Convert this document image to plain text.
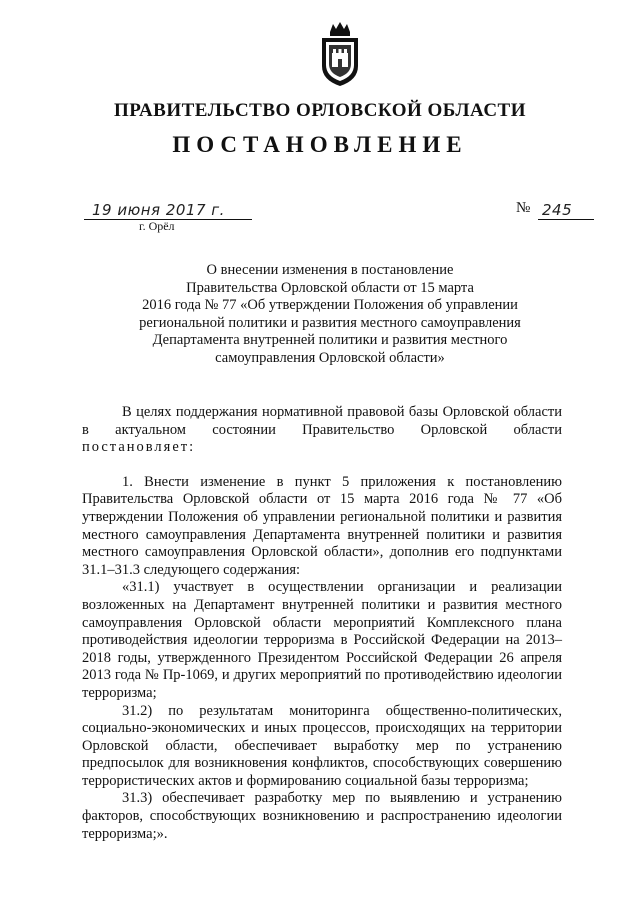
ПРАВИТЕЛЬСТВО ОРЛОВСКОЙ ОБЛАСТИ
ПОСТАНОВЛЕНИЕ
19 июня 2017 г.
г. Орёл
№ 245
О внесении изменения в постановление
Правительства Орловской области от 15 марта
2016 года № 77 «Об утверждении Положения об управлении
региональной политики и развития местного самоуправления
Департамента внутренней политики и развития местного
самоуправления Орловской области»

В целях поддержания нормативной правовой базы Орловской области в актуальном состоянии Правительство Орловской области постановляет:

1. Внести изменение в пункт 5 приложения к постановлению Правительства Орловской области от 15 марта 2016 года № 77 «Об утверждении Положения об управлении региональной политики и развития местного самоуправления Департамента внутренней политики и развития местного самоуправления Орловской области», дополнив его подпунктами 31.1–31.3 следующего содержания:

«31.1) участвует в осуществлении организации и реализации возложенных на Департамент внутренней политики и развития местного самоуправления Орловской области мероприятий Комплексного плана противодействия идеологии терроризма в Российской Федерации на 2013–2018 годы, утвержденного Президентом Российской Федерации 26 апреля 2013 года № Пр-1069, и других мероприятий по противодействию идеологии терроризма;

31.2) по результатам мониторинга общественно-политических, социально-экономических и иных процессов, происходящих на территории Орловской области, обеспечивает выработку мер по устранению предпосылок для возникновения конфликтов, способствующих совершению террористических актов и формированию социальной базы терроризма;

31.3) обеспечивает разработку мер по выявлению и устранению факторов, способствующих возникновению и распространению идеологии терроризма;».
